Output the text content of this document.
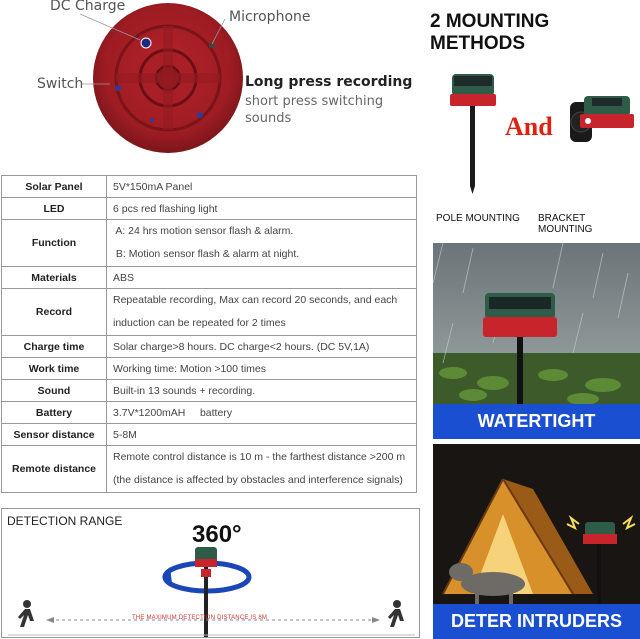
DC Charge
Microphone
Switch	Long press recording
short press switching sounds
Solar Panel	5V*150mA Panel

LED	6 pcs red flashing light

Function	A: 24 hrs motion sensor flash & alarm.
B: Motion sensor flash & alarm at night.

Materials	ABS

Record	Repeatable recording, Max can record 20 seconds, and each
induction can be repeated for 2 times

Charge time	Solar charge>8 hours. DC charge<2 hours. (DC 5V,1A)

Work time	Working time: Motion >100 times

Sound	Built-in 13 sounds + recording.

Battery	3.7V*1200mAH     battery

Sensor distance	5-8M

Remote distance	Remote control distance is 10 m - the farthest distance >200 m
(the distance is affected by obstacles and interference signals)
DETECTION RANGE	360°
THE MAXIMUM DETECTION DISTANCE IS 8M
2 MOUNTING METHODS
And
POLE MOUNTING BRACKET MOUNTING
WATERTIGHT
DETER INTRUDERS
